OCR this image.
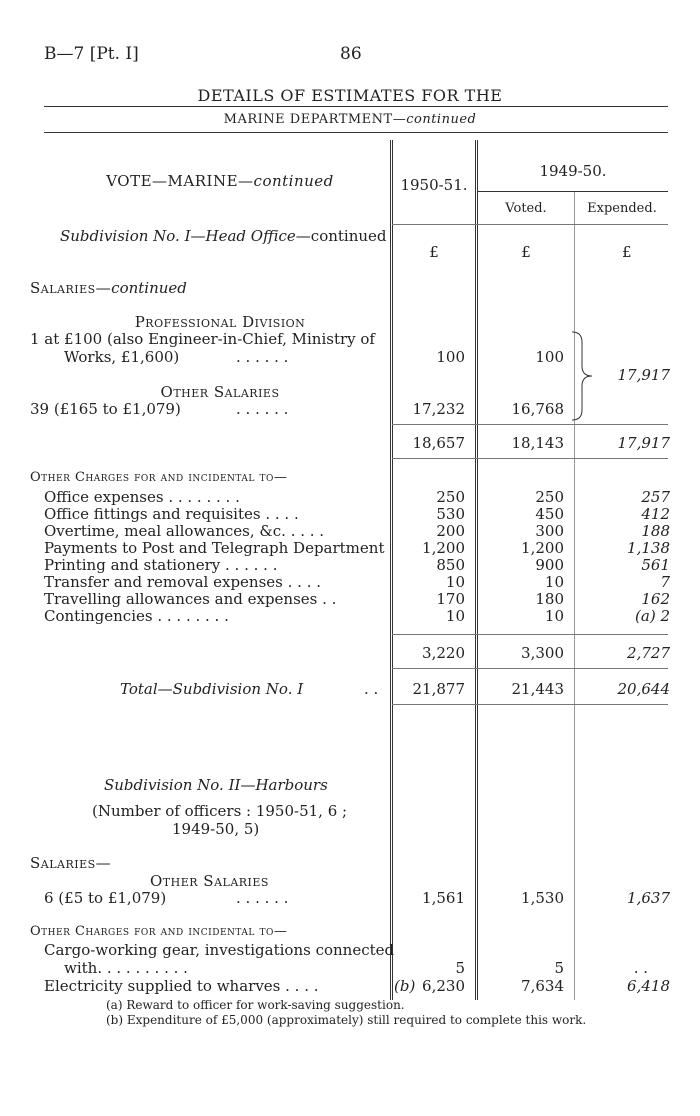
B—7 [Pt. I]	86
DETAILS OF ESTIMATES FOR THE
MARINE DEPARTMENT—continued
VOTE—MARINE—continued	1950-51.
1949-50.
Voted.	Expended.
Subdivision No. I—Head Office—continued
£	£	£
Salaries—continued
Professional Division
1 at £100 (also Engineer-in-Chief, Ministry of
Works, £1,600)	. . . . . .	100	100
17,917
Other Salaries
39 (£165 to £1,079)	. . . . . .	17,232	16,768
18,657	18,143	17,917
Other Charges for and incidental to—
Office expenses . . . . . . . .	250	250	257
Office fittings and requisites . . . .	530	450	412
Overtime, meal allowances, &c. . . . .	200	300	188
Payments to Post and Telegraph Department	1,200	1,200	1,138
Printing and stationery . . . . . .	850	900	561
Transfer and removal expenses . . . .	10	10	7
Travelling allowances and expenses . .	170	180	162
Contingencies . . . . . . . .	10	10	(a) 2
3,220	3,300	2,727
Total—Subdivision No. I	. .	21,877	21,443	20,644
Subdivision No. II—Harbours
(Number of officers : 1950-51, 6 ;
1949-50, 5)
Salaries—
Other Salaries
6 (£5 to £1,079)	. . . . . .	1,561	1,530	1,637
Other Charges for and incidental to—
Cargo-working gear, investigations connected
with. . . . . . . . . .	5	5	. .
Electricity supplied to wharves . . . .	(b) 6,230	7,634	6,418
(a) Reward to officer for work-saving suggestion.
(b) Expenditure of £5,000 (approximately) still required to complete this work.
